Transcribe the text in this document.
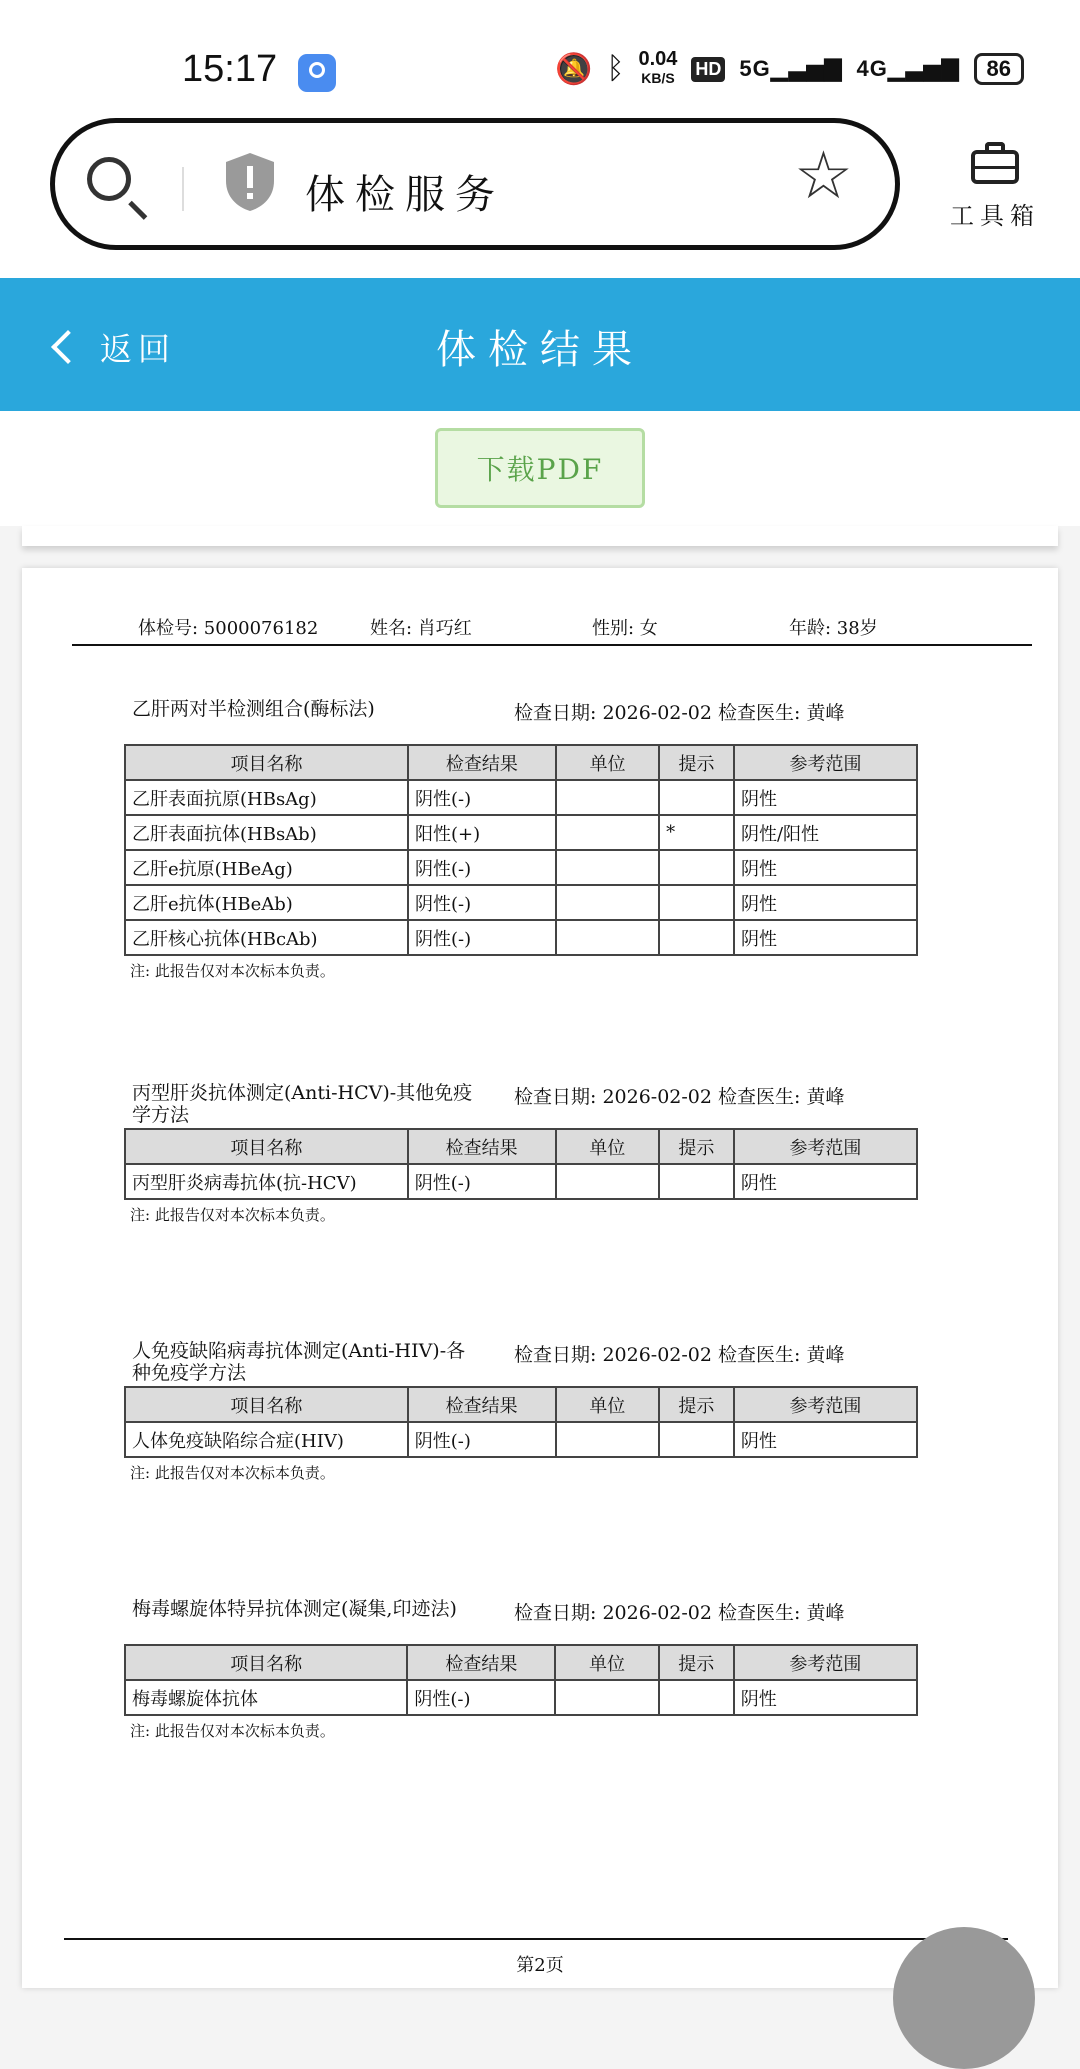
15:17	🔕 ᛒ 0.04
KB/S HD 5G▁▃▅▇ 4G▁▃▅▇	86
体检服务	☆
工具箱
返回	体检结果
下载PDF
体检号: 5000076182	姓名: 肖巧红	性别: 女	年龄: 38岁
乙肝两对半检测组合(酶标法)	检查日期: 2026-02-02 检查医生: 黄峰
项目名称	检查结果	单位	提示	参考范围
乙肝表面抗原(HBsAg)	阴性(-)			阴性
乙肝表面抗体(HBsAb)	阳性(+)		*	阴性/阳性
乙肝e抗原(HBeAg)	阴性(-)			阴性
乙肝e抗体(HBeAb)	阴性(-)			阴性
乙肝核心抗体(HBcAb)	阴性(-)			阴性
注: 此报告仅对本次标本负责。
丙型肝炎抗体测定(Anti-HCV)-其他免疫学方法
检查日期: 2026-02-02 检查医生: 黄峰
项目名称	检查结果	单位	提示	参考范围
丙型肝炎病毒抗体(抗-HCV)	阴性(-)			阴性
注: 此报告仅对本次标本负责。
人免疫缺陷病毒抗体测定(Anti-HIV)-各种免疫学方法
检查日期: 2026-02-02 检查医生: 黄峰
项目名称	检查结果	单位	提示	参考范围
人体免疫缺陷综合症(HIV)	阴性(-)			阴性
注: 此报告仅对本次标本负责。
梅毒螺旋体特异抗体测定(凝集,印迹法)	检查日期: 2026-02-02 检查医生: 黄峰
项目名称	检查结果	单位	提示	参考范围
梅毒螺旋体抗体	阴性(-)			阴性
注: 此报告仅对本次标本负责。
第2页
